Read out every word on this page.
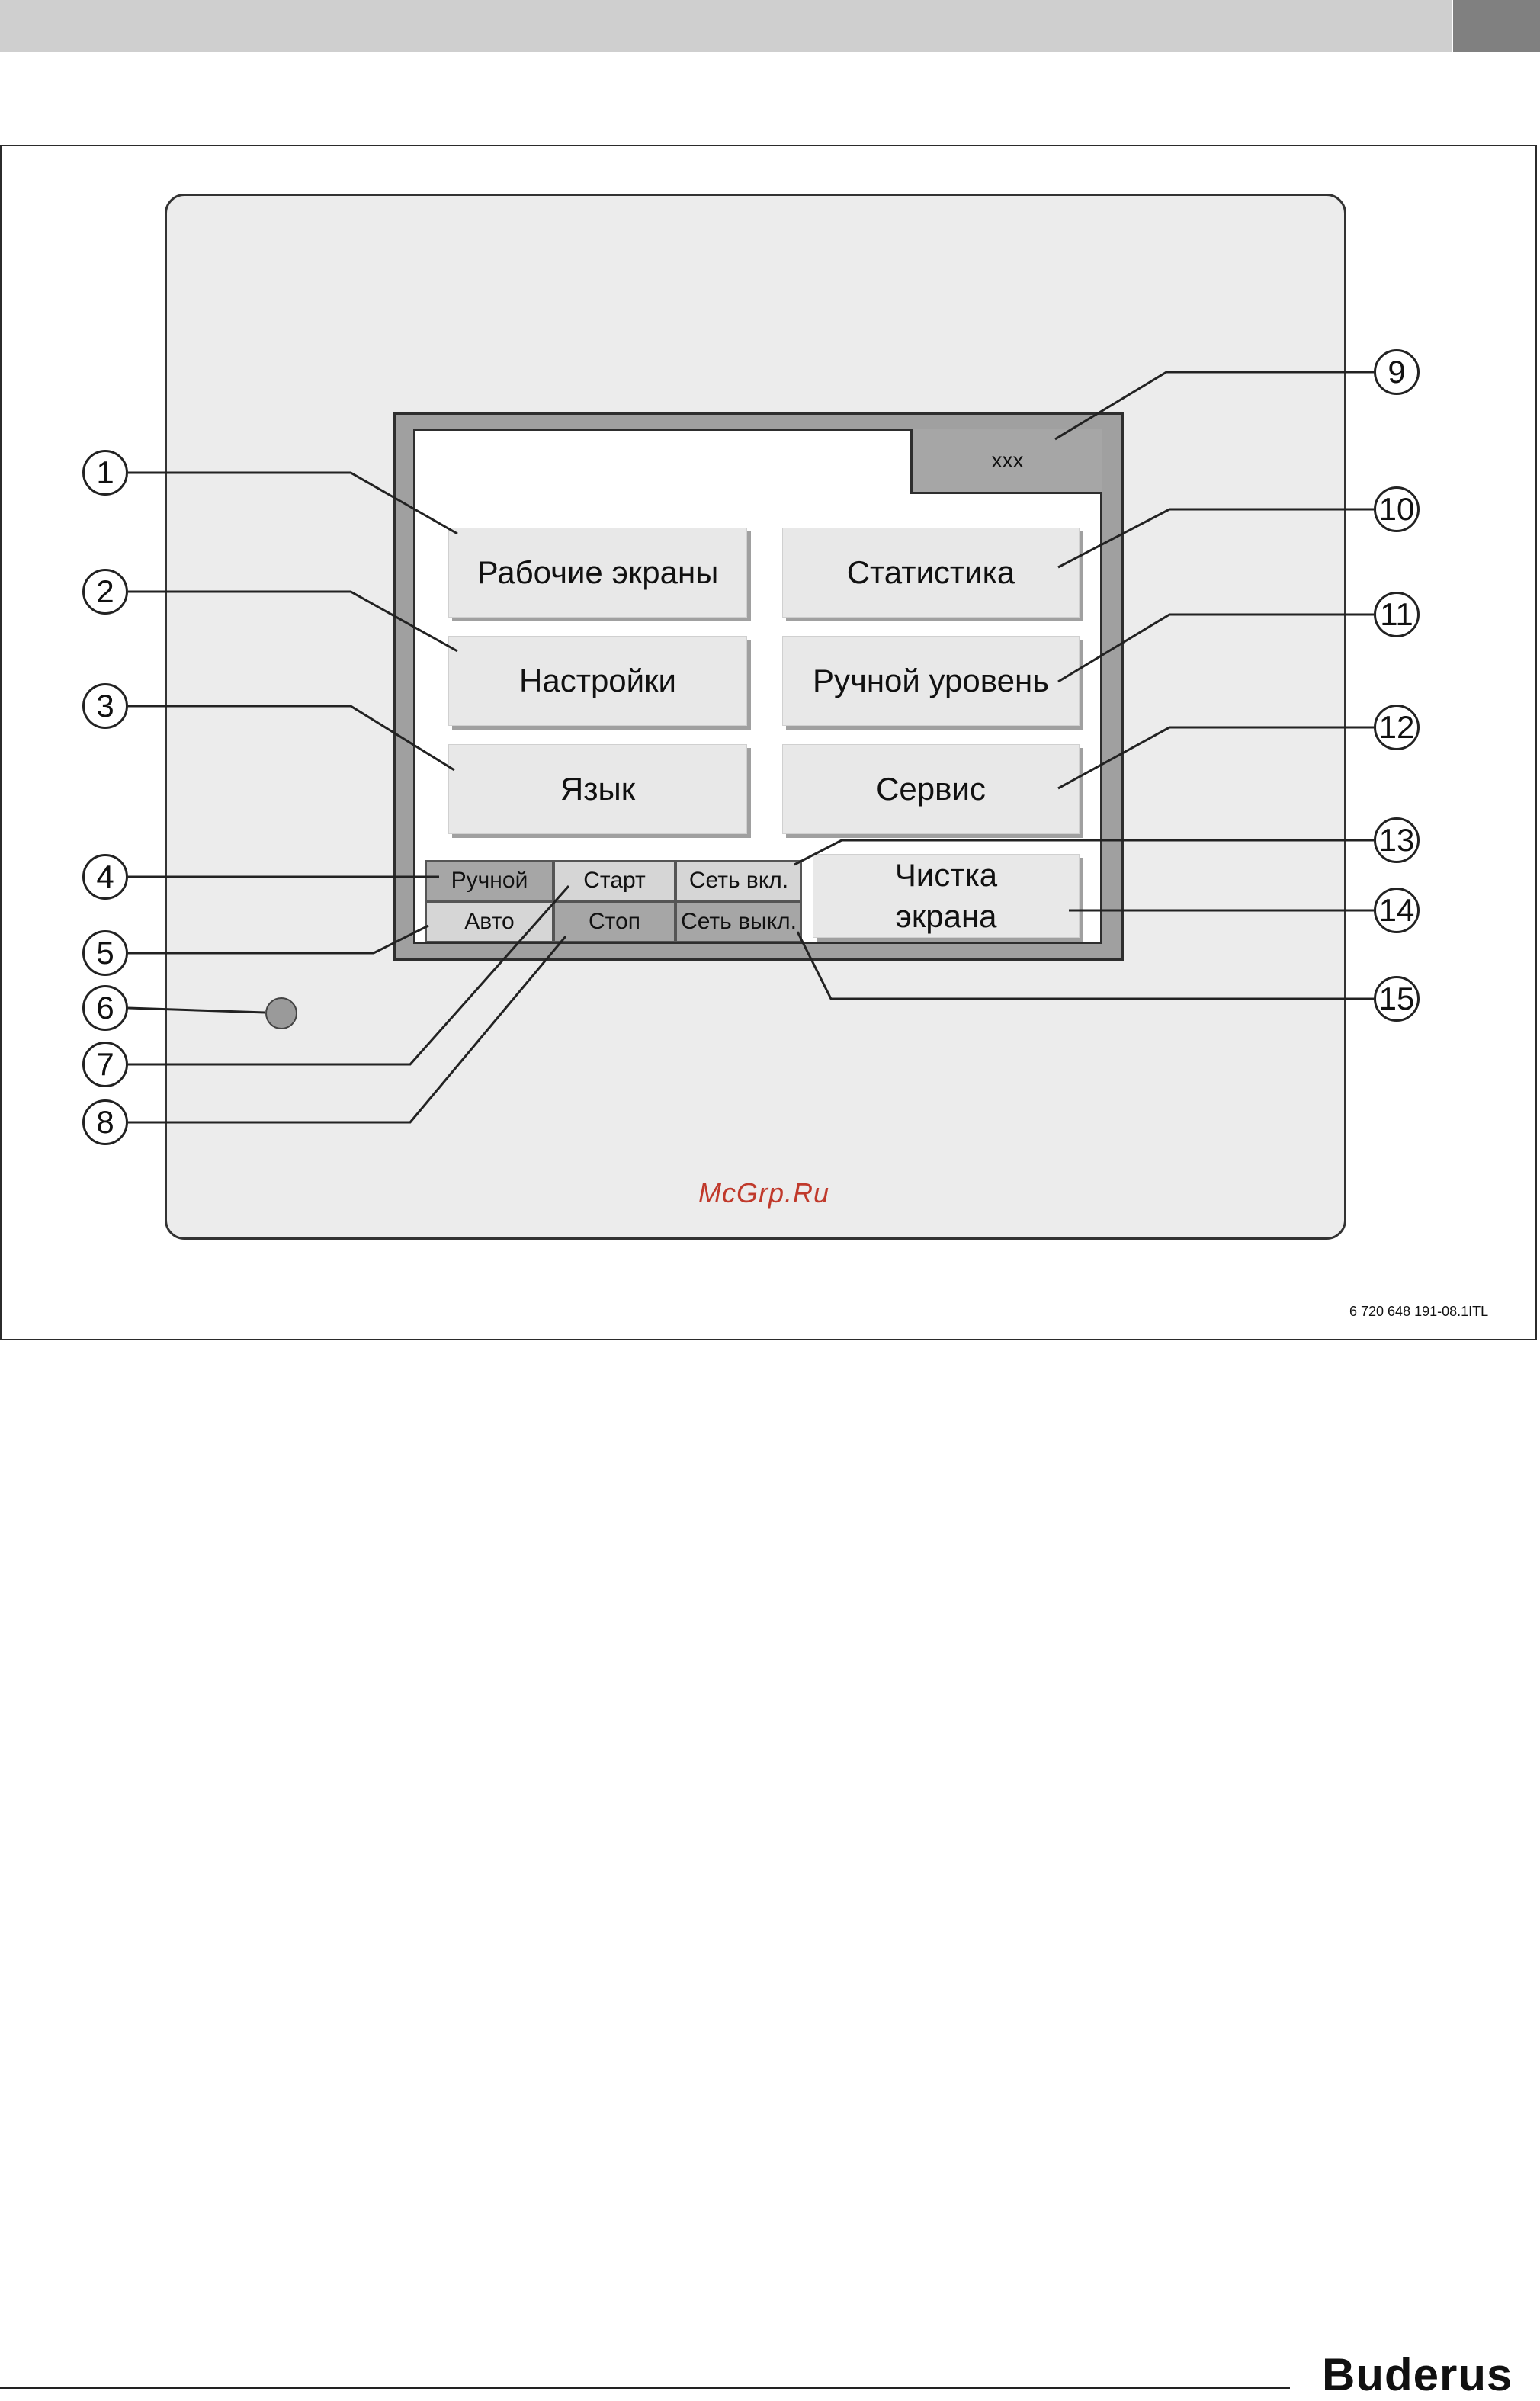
xxx
Рабочие экраны
Настройки
Язык
Статистика
Ручной уровень
Сервис
Чистка
экрана
Ручной
Авто
Старт
Стоп
Сеть вкл.
Сеть выкл.
1
2
3
4
5
6
7
8
9
10
11
12
13
14
15
McGrp.Ru
6 720 648 191-08.1ITL
Buderus
